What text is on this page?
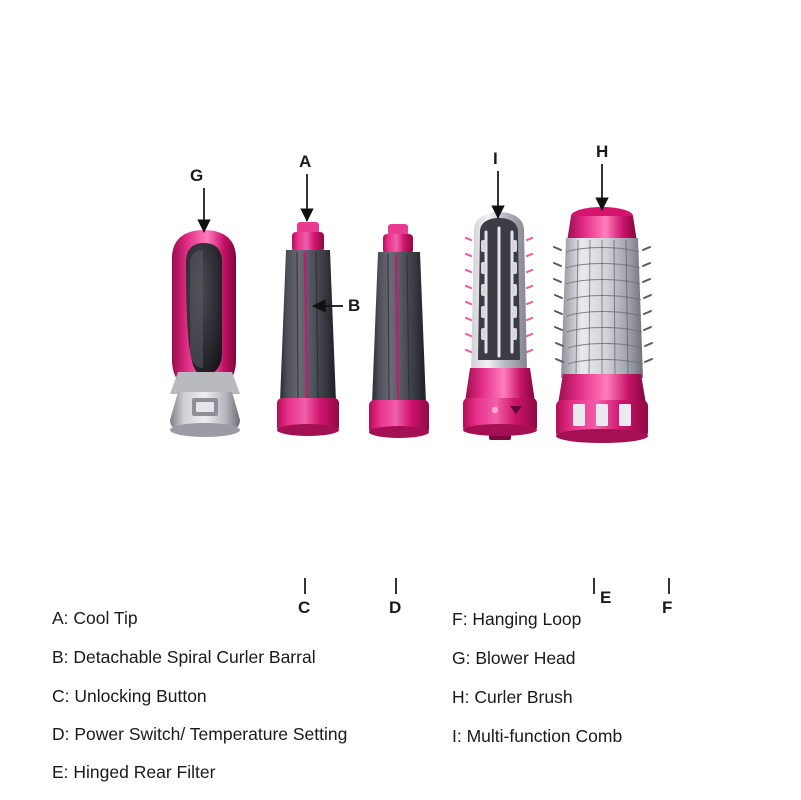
G
A
B
I	H
C	D
E
F
A: Cool Tip
B: Detachable Spiral Curler Barral
C: Unlocking Button
D: Power Switch/ Temperature Setting
E: Hinged Rear Filter
F: Hanging Loop
G: Blower Head
H: Curler Brush
I: Multi-function Comb
